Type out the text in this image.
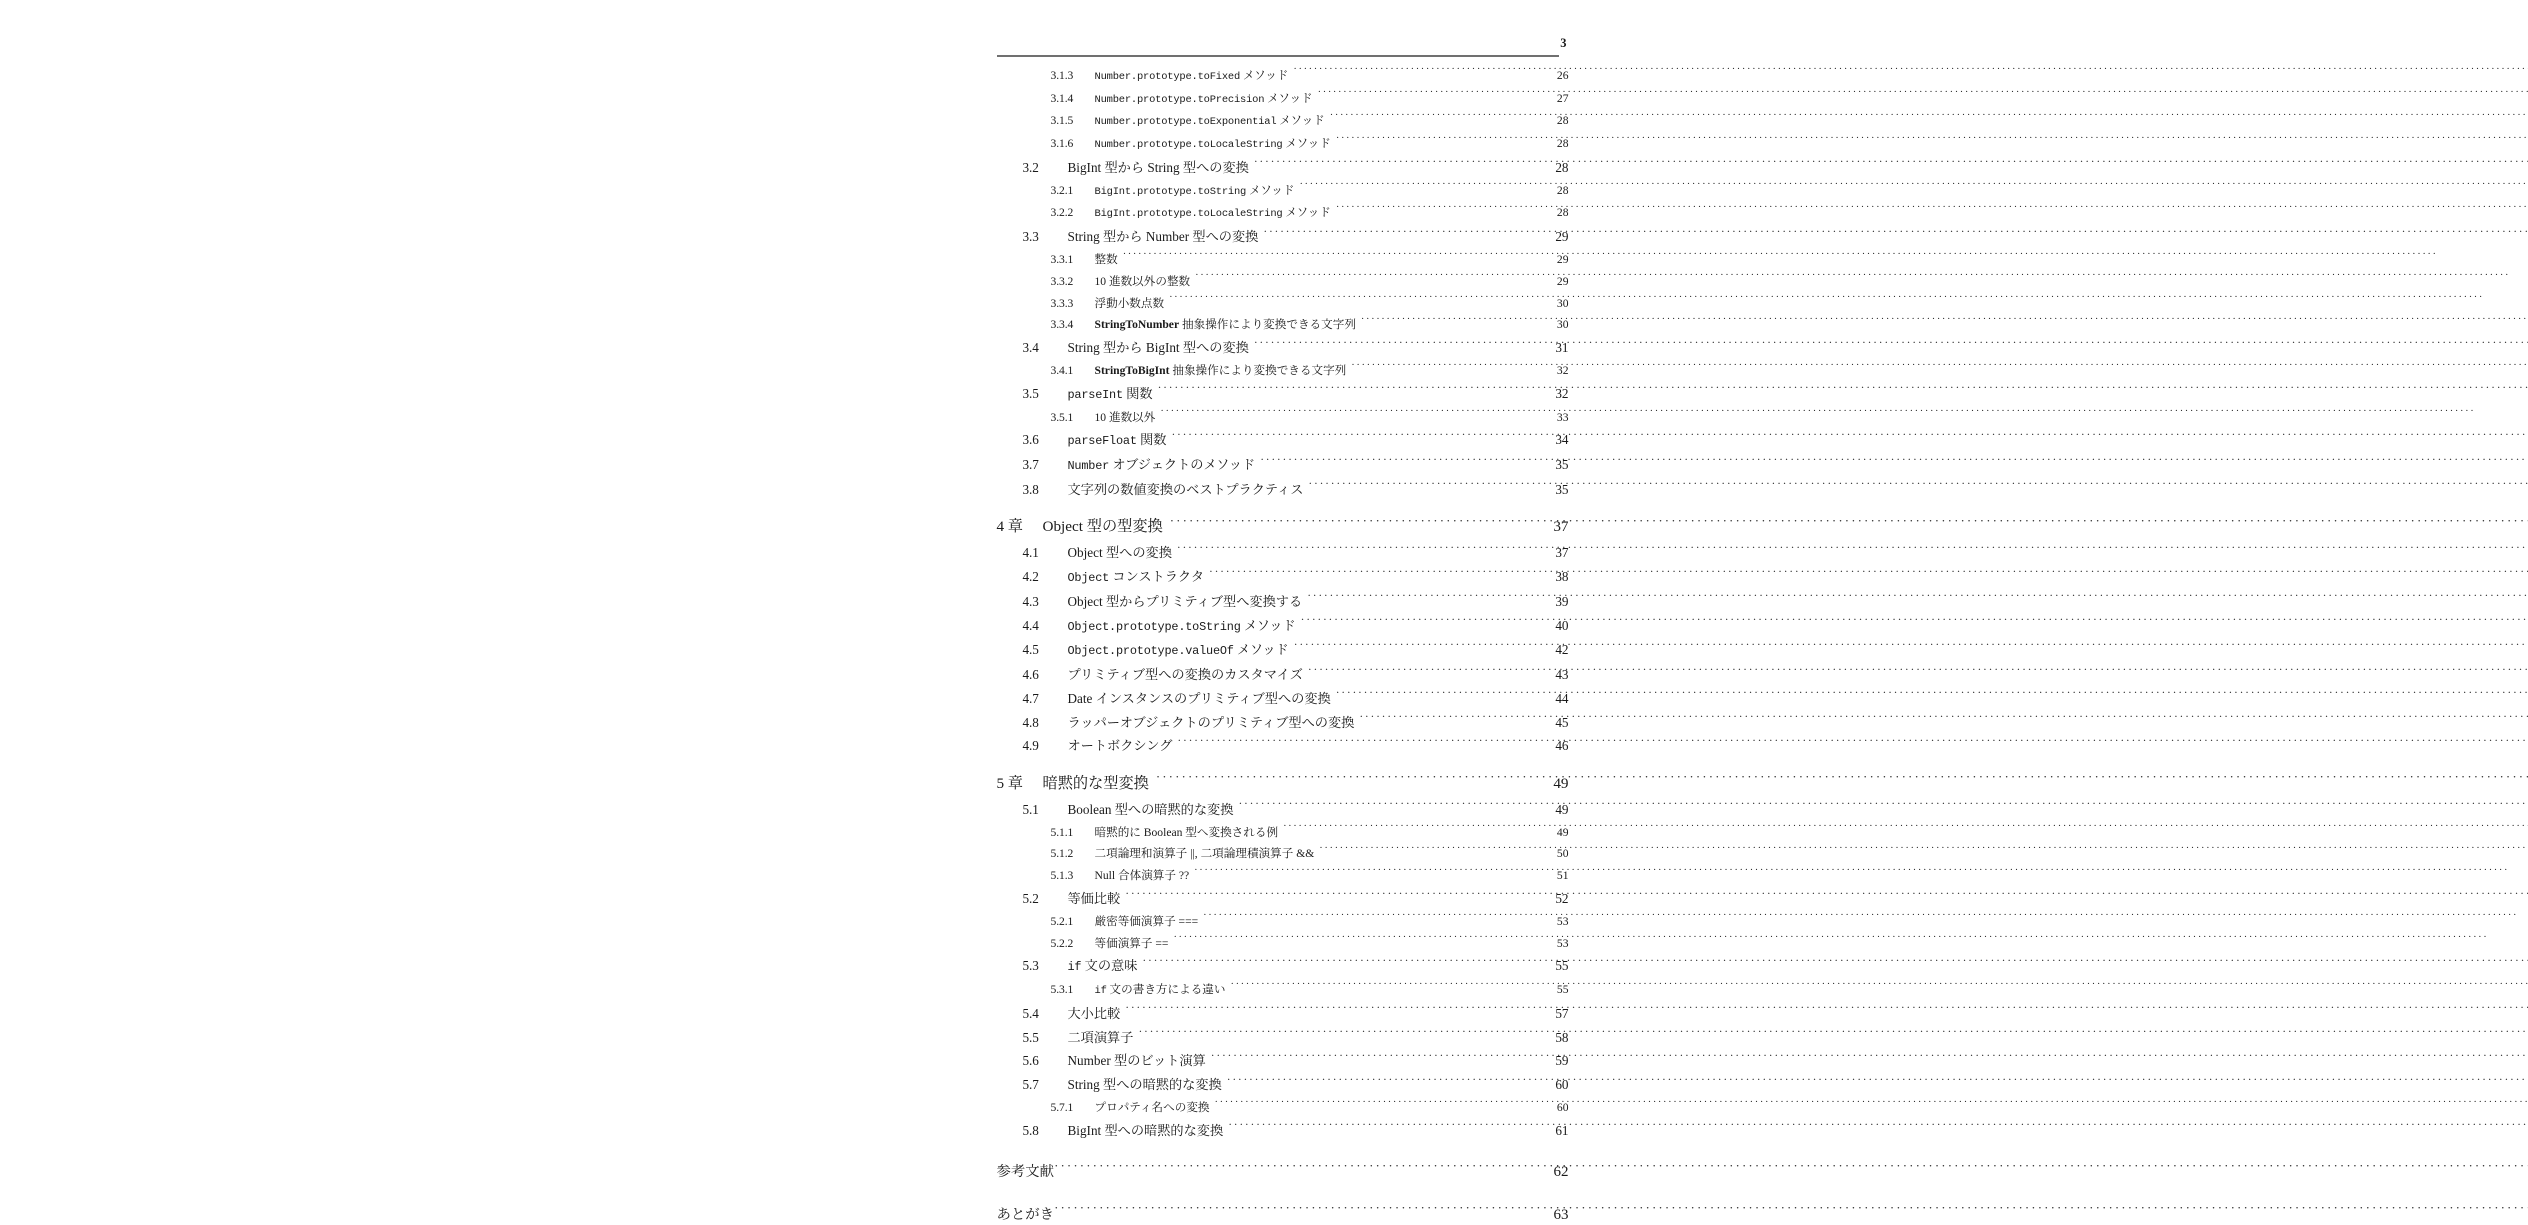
3
3.1.3	Number.prototype.toFixed メソッド ·····	26
3.1.4	Number.prototype.toPrecision メソッド ·····	27
3.1.5	Number.prototype.toExponential メソッド ·····	28
3.1.6	Number.prototype.toLocaleString メソッド ·····	28
3.2	BigInt 型から String 型への変換 ·····	28
3.2.1	BigInt.prototype.toString メソッド ·····	28
3.2.2	BigInt.prototype.toLocaleString メソッド ·····	28
3.3	String 型から Number 型への変換 ·····	29
3.3.1	整数 ·····	29
3.3.2	10 進数以外の整数 ·····	29
3.3.3	浮動小数点数 ·····	30
3.3.4	StringToNumber 抽象操作により変換できる文字列 ·····	30
3.4	String 型から BigInt 型への変換 ·····	31
3.4.1	StringToBigInt 抽象操作により変換できる文字列 ·····	32
3.5	parseInt 関数 ·····	32
3.5.1	10 進数以外 ·····	33
3.6	parseFloat 関数 ·····	34
3.7	Number オブジェクトのメソッド ·····	35
3.8	文字列の数値変換のベストプラクティス ·····	35
4 章	Object 型の型変換 ·····	37
4.1	Object 型への変換 ·····	37
4.2	Object コンストラクタ ·····	38
4.3	Object 型からプリミティブ型へ変換する ·····	39
4.4	Object.prototype.toString メソッド ·····	40
4.5	Object.prototype.valueOf メソッド ·····	42
4.6	プリミティブ型への変換のカスタマイズ ·····	43
4.7	Date インスタンスのプリミティブ型への変換 ·····	44
4.8	ラッパーオブジェクトのプリミティブ型への変換 ·····	45
4.9	オートボクシング ·····	46
5 章	暗黙的な型変換 ·····	49
5.1	Boolean 型への暗黙的な変換 ·····	49
5.1.1	暗黙的に Boolean 型へ変換される例 ·····	49
5.1.2	二項論理和演算子 ||, 二項論理積演算子 && ·····	50
5.1.3	Null 合体演算子 ?? ·····	51
5.2	等価比較 ·····	52
5.2.1	厳密等価演算子 === ·····	53
5.2.2	等価演算子 == ·····	53
5.3	if 文の意味 ·····	55
5.3.1	if 文の書き方による違い ·····	55
5.4	大小比較 ·····	57
5.5	二項演算子 ·····	58
5.6	Number 型のビット演算 ·····	59
5.7	String 型への暗黙的な変換 ·····	60
5.7.1	プロパティ名への変換 ·····	60
5.8	BigInt 型への暗黙的な変換 ·····	61
参考文献 ·····	62
あとがき ·····	63
